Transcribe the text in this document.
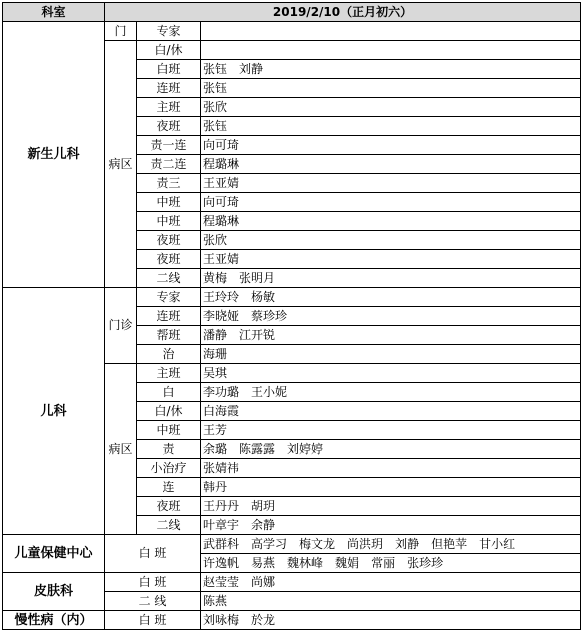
科室	2019/2/10（正月初六）		
新生儿科	门	专家	
	病区	白/休	
		白班	张钰 刘静
		连班	张钰
		主班	张欣
		夜班	张钰
		责一连	向可琦
		责二连	程璐琳
		责三	王亚婧
		中班	向可琦
		中班	程璐琳
		夜班	张欣
		夜班	王亚婧
		二线	黄梅 张明月
儿科	门诊	专家	王玲玲 杨敏
		连班	李晓娅 蔡珍珍
		帮班	潘静 江开锐
		治	海珊
	病区	主班	吴琪
		白	李功璐 王小妮
		白/休	白海霞
		中班	王芳
		责	余璐 陈露露 刘婷婷
		小治疗	张婧祎
		连	韩丹
		夜班	王丹丹 胡玥
		二线	叶章宇 余静
儿童保健中心	白 班		武群科 高学习 梅文龙 尚洪玥 刘静 但艳苹 甘小红
			许逸帆 易燕 魏林峰 魏娟 常丽 张珍珍
皮肤科	白 班		赵莹莹 尚娜
	二 线		陈燕
慢性病（内）	白 班		刘咏梅 於龙
